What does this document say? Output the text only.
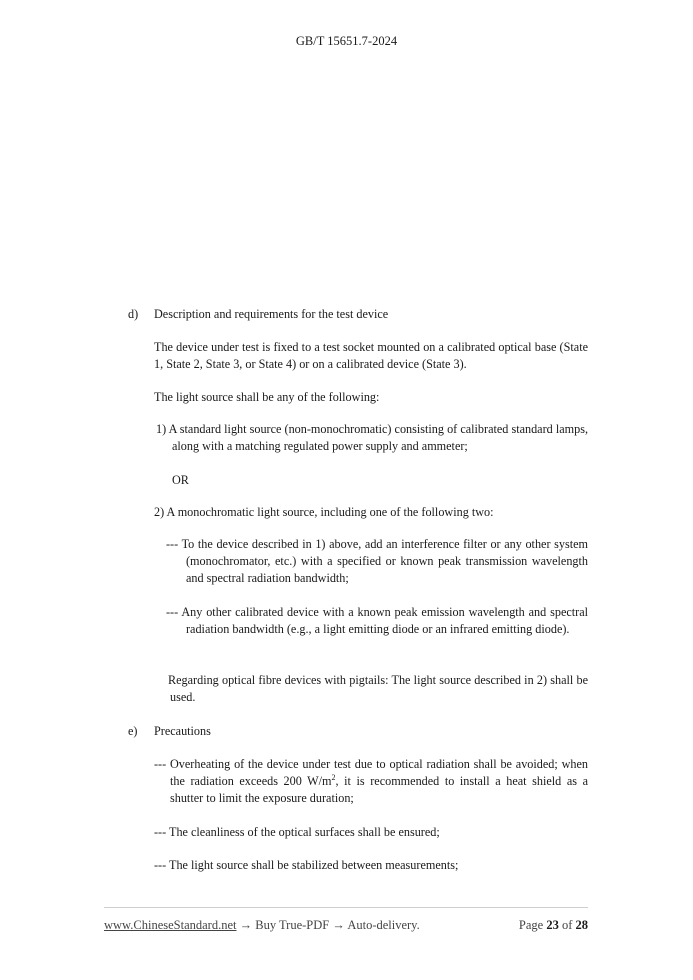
GB/T 15651.7-2024
d) Description and requirements for the test device
The device under test is fixed to a test socket mounted on a calibrated optical base (State 1, State 2, State 3, or State 4) or on a calibrated device (State 3).
The light source shall be any of the following:
1) A standard light source (non-monochromatic) consisting of calibrated standard lamps, along with a matching regulated power supply and ammeter;
OR
2) A monochromatic light source, including one of the following two:
--- To the device described in 1) above, add an interference filter or any other system (monochromator, etc.) with a specified or known peak transmission wavelength and spectral radiation bandwidth;
--- Any other calibrated device with a known peak emission wavelength and spectral radiation bandwidth (e.g., a light emitting diode or an infrared emitting diode).
Regarding optical fibre devices with pigtails: The light source described in 2) shall be used.
e) Precautions
--- Overheating of the device under test due to optical radiation shall be avoided; when the radiation exceeds 200 $W/m^2$, it is recommended to install a heat shield as a shutter to limit the exposure duration;
--- The cleanliness of the optical surfaces shall be ensured;
--- The light source shall be stabilized between measurements;
www.ChineseStandard.net → Buy True-PDF → Auto-delivery.	Page 23 of 28
